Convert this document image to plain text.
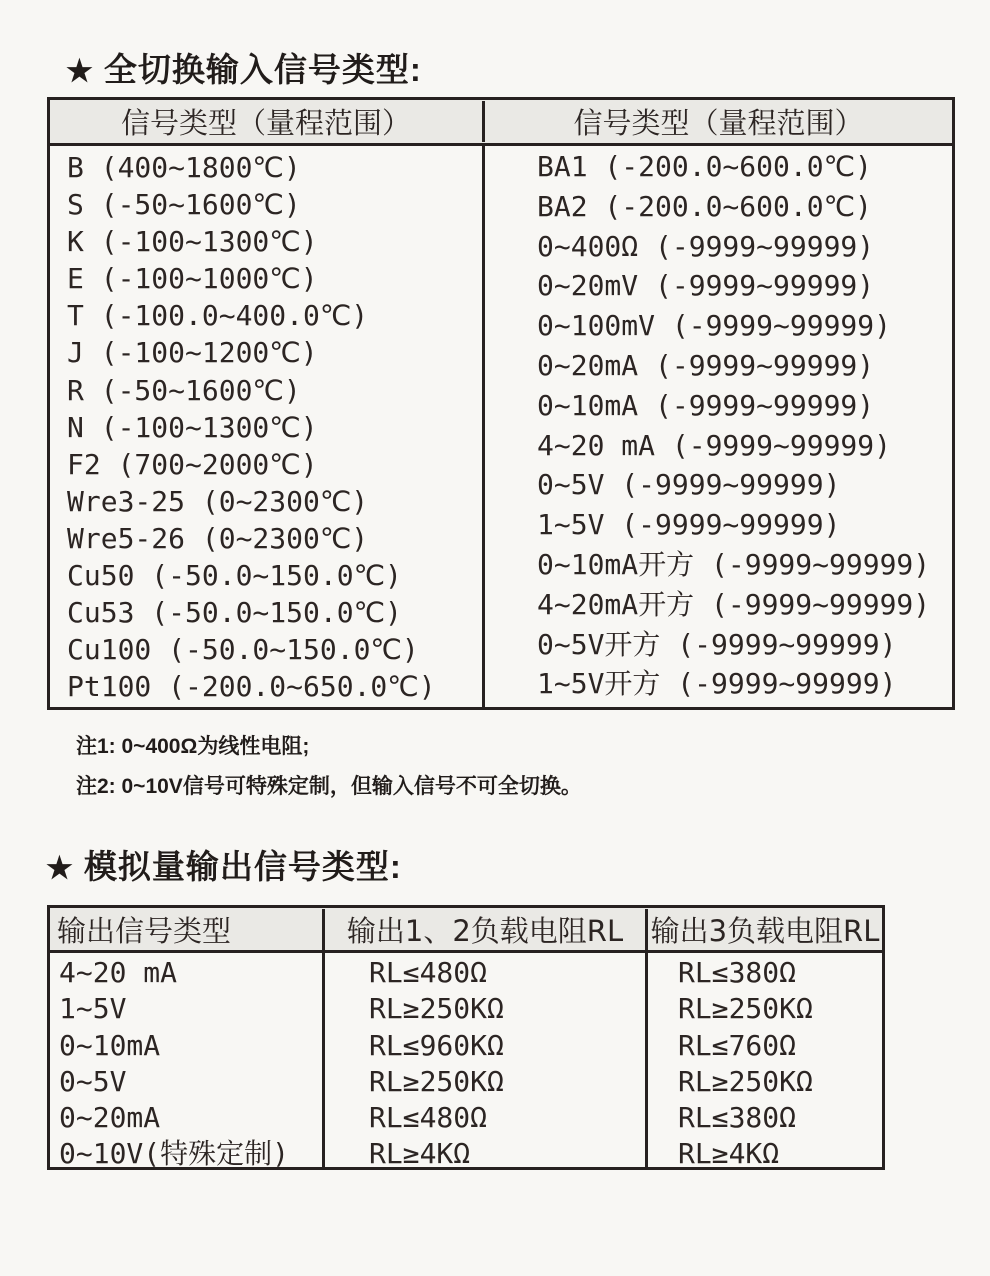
★ 全切换输入信号类型:
信号类型（量程范围）	信号类型（量程范围）
B (400~1800℃)
S (-50~1600℃)
K (-100~1300℃)
E (-100~1000℃)
T (-100.0~400.0℃)
J (-100~1200℃)
R (-50~1600℃)
N (-100~1300℃)
F2 (700~2000℃)
Wre3-25 (0~2300℃)
Wre5-26 (0~2300℃)
Cu50 (-50.0~150.0℃)
Cu53 (-50.0~150.0℃)
Cu100 (-50.0~150.0℃)
Pt100 (-200.0~650.0℃)
BA1 (-200.0~600.0℃)
BA2 (-200.0~600.0℃)
0~400Ω (-9999~99999)
0~20mV (-9999~99999)
0~100mV (-9999~99999)
0~20mA (-9999~99999)
0~10mA (-9999~99999)
4~20 mA (-9999~99999)
0~5V (-9999~99999)
1~5V (-9999~99999)
0~10mA开方 (-9999~99999)
4~20mA开方 (-9999~99999)
0~5V开方 (-9999~99999)
1~5V开方 (-9999~99999)
注1: 0~400Ω为线性电阻;
注2: 0~10V信号可特殊定制，但输入信号不可全切换。
★ 模拟量输出信号类型:
输出信号类型	输出1、2负载电阻RL 输出3负载电阻RL
4~20 mA
1~5V
0~10mA
0~5V
0~20mA
0~10V(特殊定制)
RL≤480Ω
RL≥250KΩ
RL≤960KΩ
RL≥250KΩ
RL≤480Ω
RL≥4KΩ
RL≤380Ω
RL≥250KΩ
RL≤760Ω
RL≥250KΩ
RL≤380Ω
RL≥4KΩ
